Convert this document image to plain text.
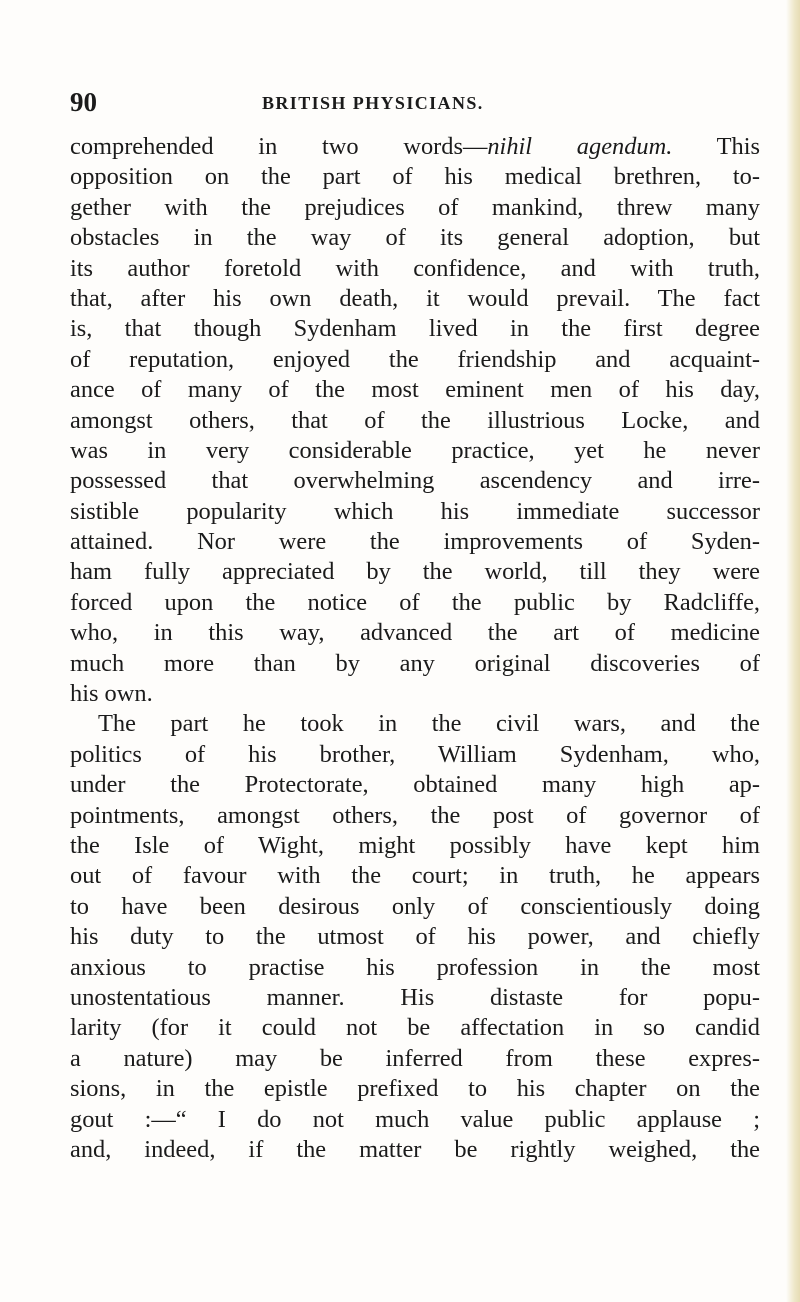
90	BRITISH PHYSICIANS.
comprehended in two words—nihil agendum. This
opposition on the part of his medical brethren, to-
gether with the prejudices of mankind, threw many
obstacles in the way of its general adoption, but
its author foretold with confidence, and with truth,
that, after his own death, it would prevail. The fact
is, that though Sydenham lived in the first degree
of reputation, enjoyed the friendship and acquaint-
ance of many of the most eminent men of his day,
amongst others, that of the illustrious Locke, and
was in very considerable practice, yet he never
possessed that overwhelming ascendency and irre-
sistible popularity which his immediate successor
attained. Nor were the improvements of Syden-
ham fully appreciated by the world, till they were
forced upon the notice of the public by Radcliffe,
who, in this way, advanced the art of medicine
much more than by any original discoveries of
his own.
The part he took in the civil wars, and the
politics of his brother, William Sydenham, who,
under the Protectorate, obtained many high ap-
pointments, amongst others, the post of governor of
the Isle of Wight, might possibly have kept him
out of favour with the court; in truth, he appears
to have been desirous only of conscientiously doing
his duty to the utmost of his power, and chiefly
anxious to practise his profession in the most
unostentatious manner. His distaste for popu-
larity (for it could not be affectation in so candid
a nature) may be inferred from these expres-
sions, in the epistle prefixed to his chapter on the
gout :—“ I do not much value public applause ;
and, indeed, if the matter be rightly weighed, the
